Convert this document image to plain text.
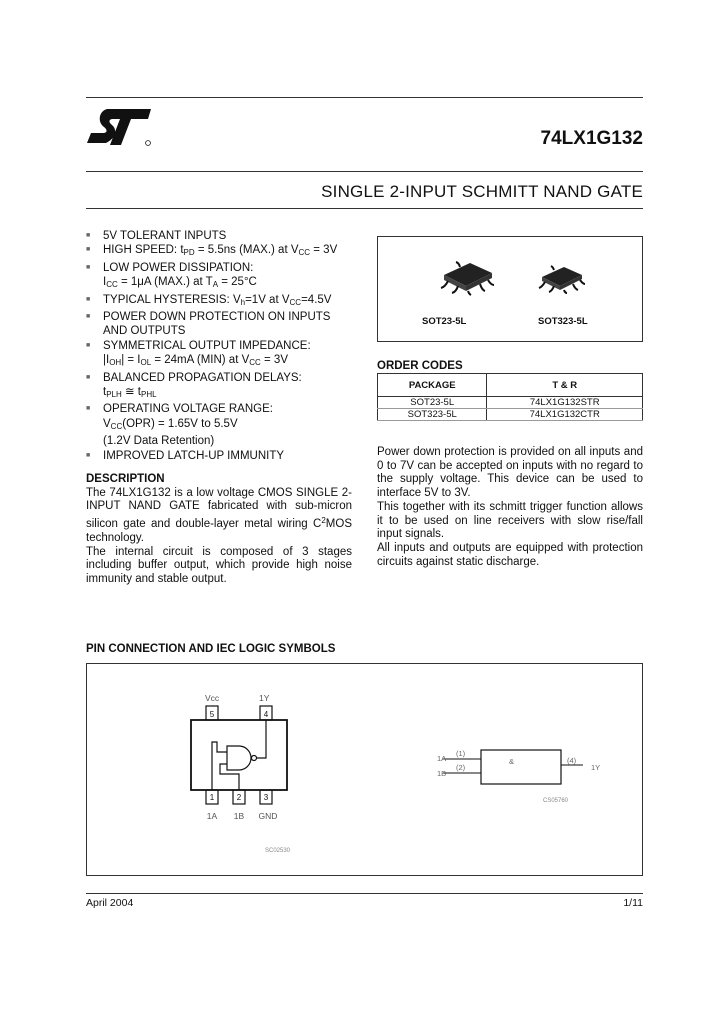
74LX1G132
SINGLE 2-INPUT SCHMITT NAND GATE
■ 5V TOLERANT INPUTS
■ HIGH SPEED: $t_{PD} = 5.5ns$ (MAX.) at $V_{CC} = 3V$
■ LOW POWER DISSIPATION:
$I_{CC} = 1\mu A$ (MAX.) at $T_A = 25^\circ C$
■ TYPICAL HYSTERESIS: $V_h=1V$ at $V_{CC}=4.5V$
■ POWER DOWN PROTECTION ON INPUTS
AND OUTPUTS
■ SYMMETRICAL OUTPUT IMPEDANCE:
$|I_{OH}| = I_{OL} = 24mA$ (MIN) at $V_{CC} = 3V$
■ BALANCED PROPAGATION DELAYS:
$t_{PLH}$ ≅ $t_{PHL}$
■ OPERATING VOLTAGE RANGE:
$V_{CC}(OPR) = 1.65V$ to 5.5V
(1.2V Data Retention)
■ IMPROVED LATCH-UP IMMUNITY
DESCRIPTION
The 74LX1G132 is a low voltage CMOS SINGLE 2-INPUT NAND GATE fabricated with sub-micron silicon gate and double-layer metal wiring $C^2MOS$ technology.
The internal circuit is composed of 3 stages including buffer output, which provide high noise immunity and stable output.
SOT23-5L	SOT323-5L
ORDER CODES
PACKAGE	T & R
SOT23-5L	74LX1G132STR
SOT323-5L	74LX1G132CTR
Power down protection is provided on all inputs and 0 to 7V can be accepted on inputs with no regard to the supply voltage. This device can be used to interface 5V to 3V.
This together with its schmitt trigger function allows it to be used on line receivers with slow rise/fall input signals.
All inputs and outputs are equipped with protection circuits against static discharge.
PIN CONNECTION AND IEC LOGIC SYMBOLS
Vcc	1Y
5	4
1	2	3
1A 1B GND
SC02530
1A
1B
(1)
(2)
&	(4)
1Y
CS05760
April 2004	1/11
